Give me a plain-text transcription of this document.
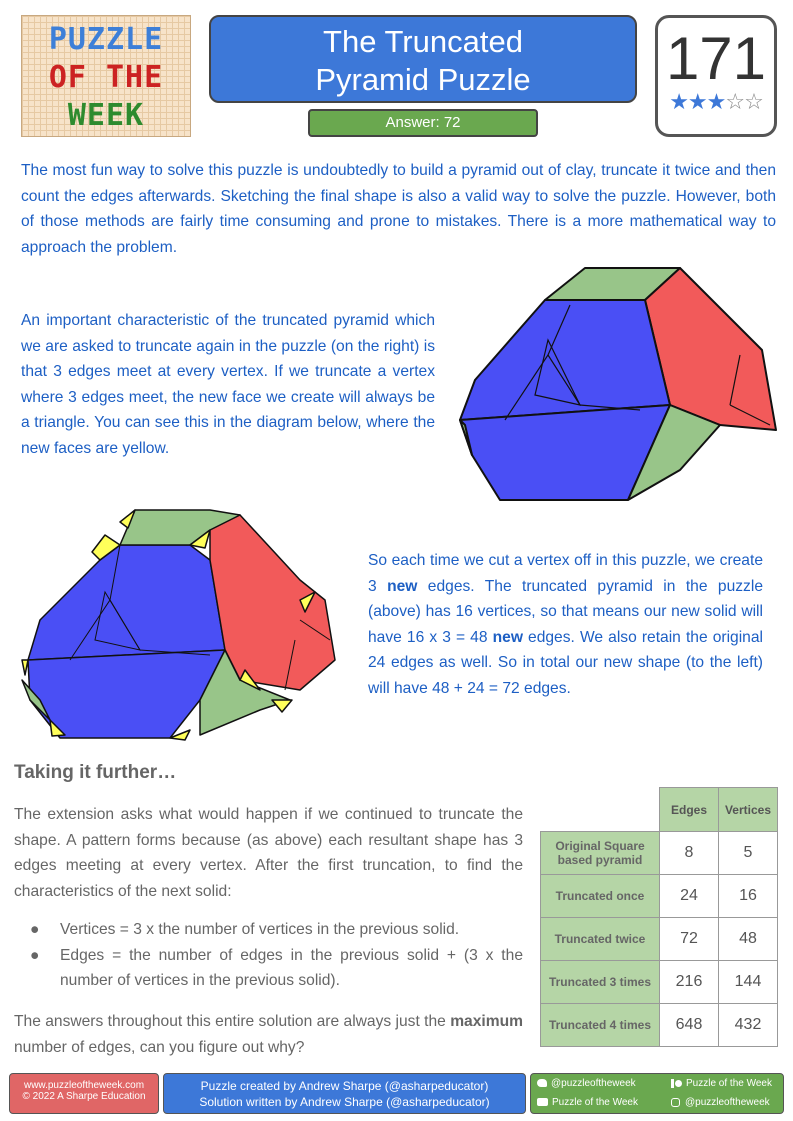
PUZZLE
OF THE
WEEK
The Truncated
Pyramid Puzzle
Answer: 72
171
★★★☆☆
The most fun way to solve this puzzle is undoubtedly to build a pyramid out of clay, truncate it twice and then count the edges afterwards. Sketching the final shape is also a valid way to solve the puzzle. However, both of those methods are fairly time consuming and prone to mistakes. There is a more mathematical way to approach the problem.
An important characteristic of the truncated pyramid which we are asked to truncate again in the puzzle (on the right) is that 3 edges meet at every vertex. If we truncate a vertex where 3 edges meet, the new face we create will always be a triangle. You can see this in the diagram below, where the new faces are yellow.
So each time we cut a vertex off in this puzzle, we create 3 new edges. The truncated pyramid in the puzzle (above) has 16 vertices, so that means our new solid will have 16 x 3 = 48 new edges. We also retain the original 24 edges as well. So in total our new shape (to the left) will have 48 + 24 = 72 edges.
Taking it further…
The extension asks what would happen if we continued to truncate the shape. A pattern forms because (as above) each resultant shape has 3 edges meeting at every vertex. After the first truncation, to find the characteristics of the next solid:
● Vertices = 3 x the number of vertices in the previous solid.
● Edges = the number of edges in the previous solid + (3 x the number of vertices in the previous solid).
The answers throughout this entire solution are always just the maximum number of edges, can you figure out why?
	Edges	Vertices
Original Square based pyramid	8	5
Truncated once	24	16
Truncated twice	72	48
Truncated 3 times	216	144
Truncated 4 times	648	432
www.puzzleoftheweek.com
© 2022 A Sharpe Education
Puzzle created by Andrew Sharpe (@asharpeducator)
Solution written by Andrew Sharpe (@asharpeducator)
@puzzleoftheweek	Puzzle of the Week
Puzzle of the Week	@puzzleoftheweek
